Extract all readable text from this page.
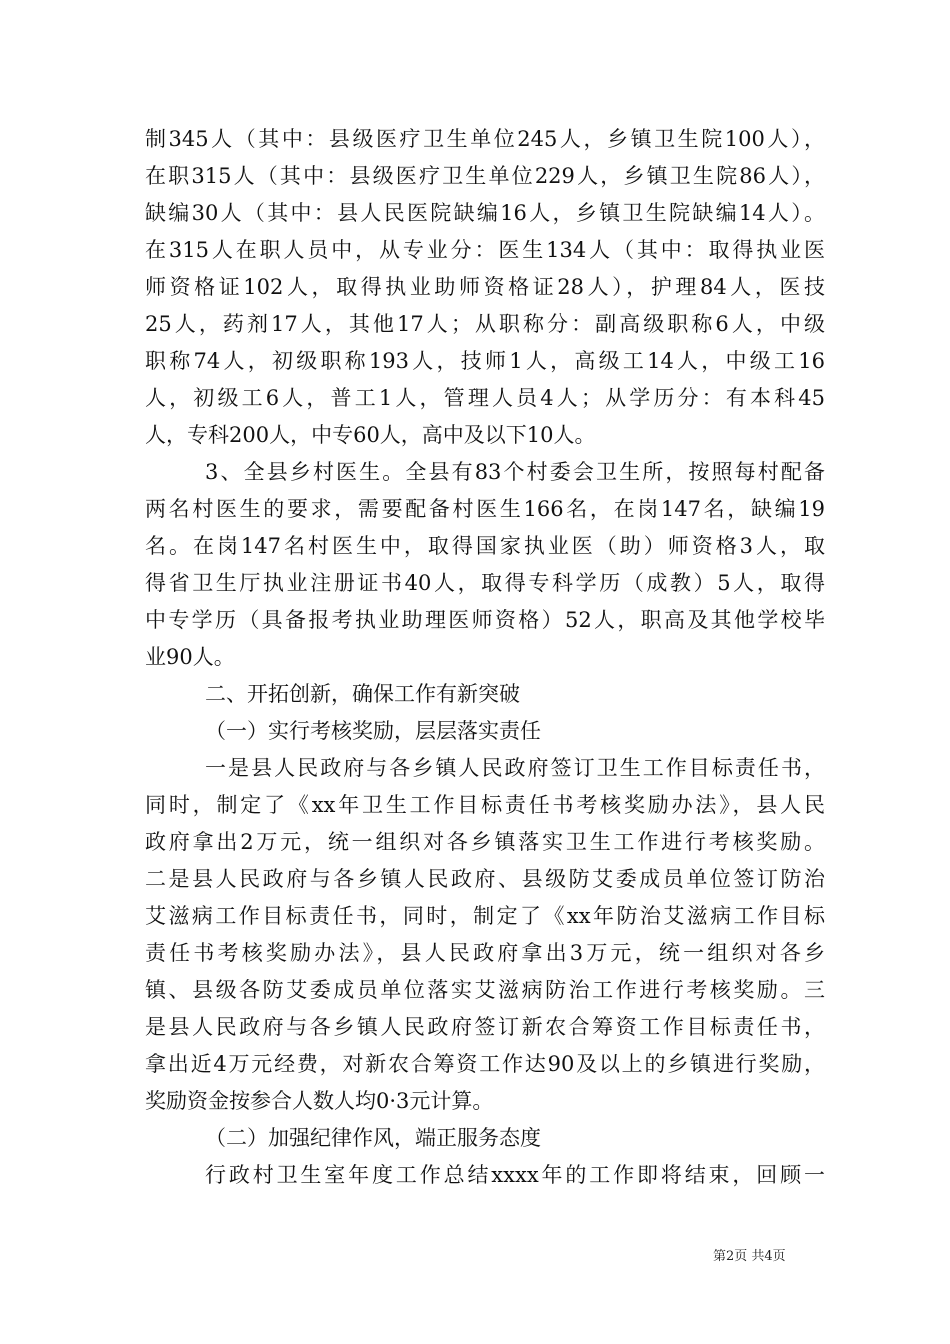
制345人（其中：县级医疗卫生单位245人，乡镇卫生院100人），
在职315人（其中：县级医疗卫生单位229人，乡镇卫生院86人），
缺编30人（其中：县人民医院缺编16人，乡镇卫生院缺编14人）。
在315人在职人员中，从专业分：医生134人（其中：取得执业医
师资格证102人，取得执业助师资格证28人），护理84人，医技
25人，药剂17人，其他17人；从职称分：副高级职称6人，中级
职称74人，初级职称193人，技师1人，高级工14人，中级工16
人，初级工6人，普工1人，管理人员4人；从学历分：有本科45
人，专科200人，中专60人，高中及以下10人。
3、全县乡村医生。全县有83个村委会卫生所，按照每村配备
两名村医生的要求，需要配备村医生166名，在岗147名，缺编19
名。在岗147名村医生中，取得国家执业医（助）师资格3人，取
得省卫生厅执业注册证书40人，取得专科学历（成教）5人，取得
中专学历（具备报考执业助理医师资格）52人，职高及其他学校毕
业90人。
二、开拓创新，确保工作有新突破
（一）实行考核奖励，层层落实责任
一是县人民政府与各乡镇人民政府签订卫生工作目标责任书，
同时，制定了《xx年卫生工作目标责任书考核奖励办法》，县人民
政府拿出2万元，统一组织对各乡镇落实卫生工作进行考核奖励。
二是县人民政府与各乡镇人民政府、县级防艾委成员单位签订防治
艾滋病工作目标责任书，同时，制定了《xx年防治艾滋病工作目标
责任书考核奖励办法》，县人民政府拿出3万元，统一组织对各乡
镇、县级各防艾委成员单位落实艾滋病防治工作进行考核奖励。三
是县人民政府与各乡镇人民政府签订新农合筹资工作目标责任书，
拿出近4万元经费，对新农合筹资工作达90及以上的乡镇进行奖励，
奖励资金按参合人数人均0·3元计算。
（二）加强纪律作风，端正服务态度
行政村卫生室年度工作总结xxxx年的工作即将结束，回顾一
第2页 共4页
